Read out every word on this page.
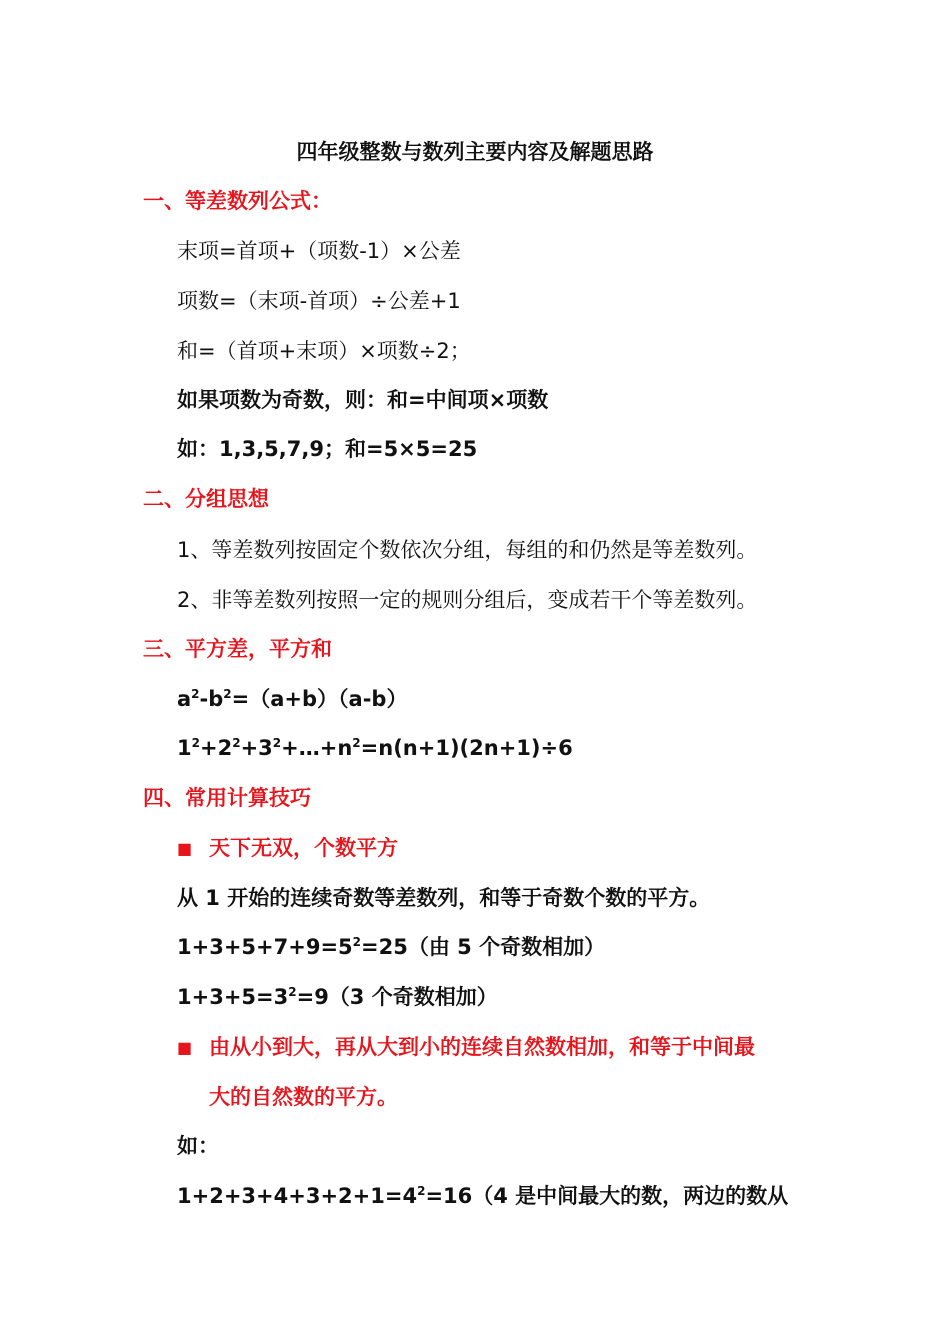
四年级整数与数列主要内容及解题思路
一、等差数列公式：
末项=首项+（项数-1）×公差
项数=（末项-首项）÷公差+1
和=（首项+末项）×项数÷2；
如果项数为奇数，则：和=中间项×项数
如：1,3,5,7,9；和=5×5=25
二、分组思想
1、等差数列按固定个数依次分组，每组的和仍然是等差数列。
2、非等差数列按照一定的规则分组后，变成若干个等差数列。
三、平方差，平方和
$a^2-b^2=(a+b)(a-b)$
$1^2+2^2+3^2+\dots+n^2=n(n+1)(2n+1)\div 6$
四、常用计算技巧
■ 天下无双，个数平方
从 1 开始的连续奇数等差数列，和等于奇数个数的平方。
$1+3+5+7+9=5^2=25$（由 5 个奇数相加）
$1+3+5=3^2=9(3$ 个奇数相加）
■ 由从小到大，再从大到小的连续自然数相加，和等于中间最
大的自然数的平方。
如：
$1+2+3+4+3+2+1=4^2=16(4$ 是中间最大的数，两边的数从
